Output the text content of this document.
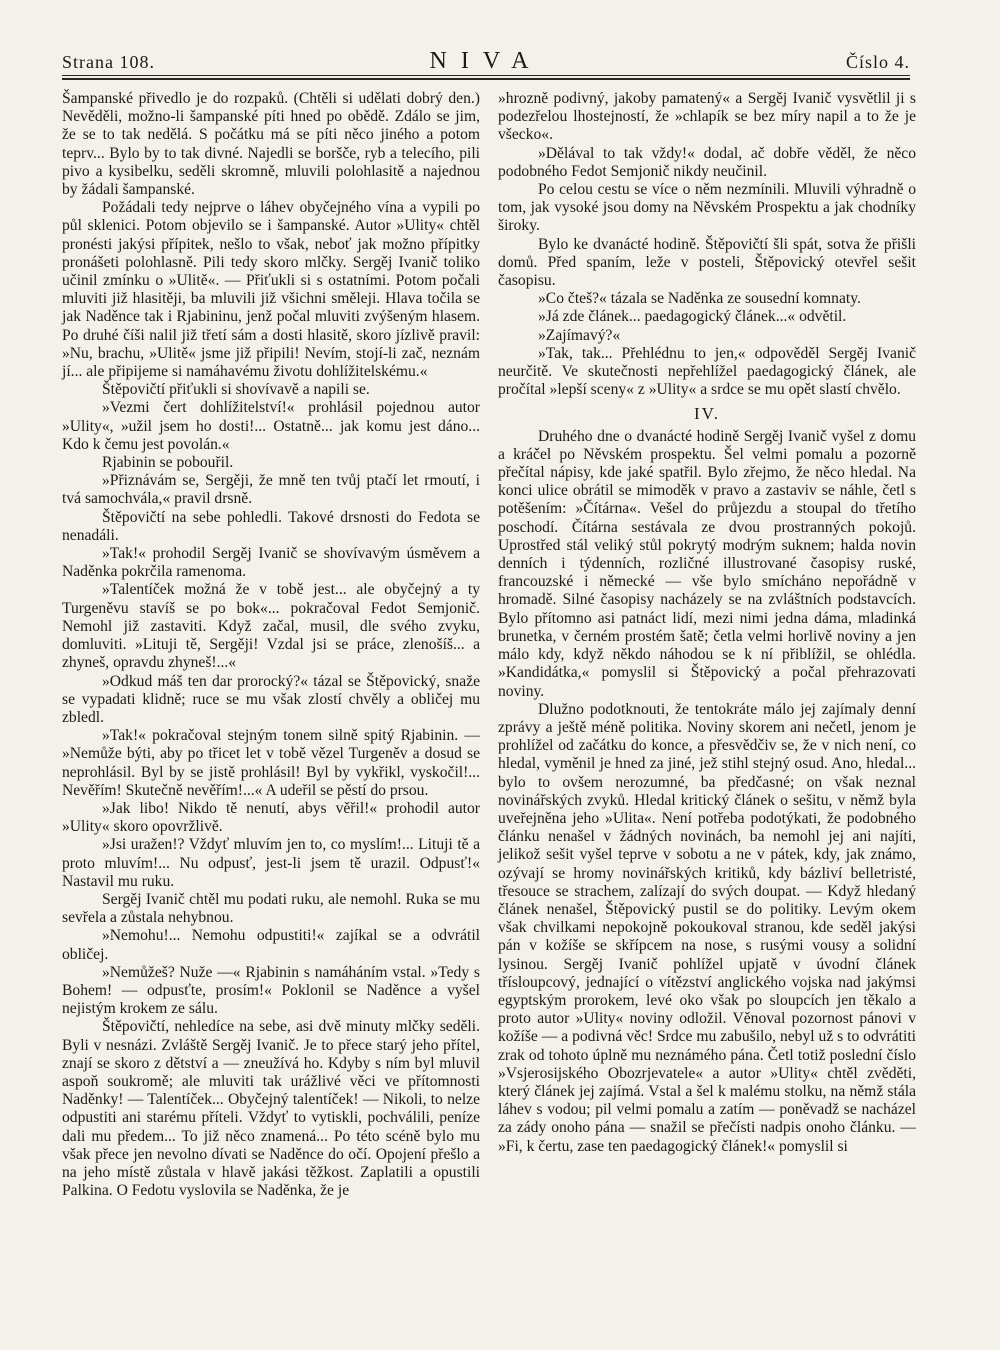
Strana 108.	NIVA	Číslo 4.

Šampanské přivedlo je do rozpaků. (Chtěli si udělati dobrý den.) Nevěděli, možno-li šampanské píti hned po obědě. Zdálo se jim, že se to tak nedělá. S počátku má se píti něco jiného a potom teprv... Bylo by to tak divné. Najedli se boršče, ryb a telecího, pili pivo a kysibelku, seděli skromně, mluvili polohlasitě a najednou by žádali šampanské.

Požádali tedy nejprve o láhev obyčejného vína a vypili po půl sklenici. Potom objevilo se i šampanské. Autor »Ulity« chtěl pronésti jakýsi přípitek, nešlo to však, neboť jak možno přípitky pronášeti polohlasně. Pili tedy skoro mlčky. Sergěj Ivanič toliko učinil zmínku o »Ulitě«. — Přiťukli si s ostatními. Potom počali mluviti již hlasitěji, ba mluvili již všichni směleji. Hlava točila se jak Naděnce tak i Rjabininu, jenž počal mluviti zvýšeným hlasem. Po druhé číši nalil již třetí sám a dosti hlasitě, skoro jízlivě pravil: »Nu, brachu, »Ulitě« jsme již připili! Nevím, stojí-li zač, neznám jí... ale připijeme si namáhavému životu dohlížitelskému.«

Štěpovičtí přiťukli si shovívavě a napili se.

»Vezmi čert dohlížitelství!« prohlásil pojednou autor »Ulity«, »užil jsem ho dosti!... Ostatně... jak komu jest dáno... Kdo k čemu jest povolán.«

Rjabinin se pobouřil.

»Přiznávám se, Sergěji, že mně ten tvůj ptačí let rmoutí, i tvá samochvála,« pravil drsně.

Štěpovičtí na sebe pohledli. Takové drsnosti do Fedota se nenadáli.

»Tak!« prohodil Sergěj Ivanič se shovívavým úsměvem a Naděnka pokrčila ramenoma.

»Talentíček možná že v tobě jest... ale obyčejný a ty Turgeněvu stavíš se po bok«... pokračoval Fedot Semjonič. Nemohl již zastaviti. Když začal, musil, dle svého zvyku, domluviti. »Lituji tě, Sergěji! Vzdal jsi se práce, zlenošíš... a zhyneš, opravdu zhyneš!...«

»Odkud máš ten dar prorocký?« tázal se Štěpovický, snaže se vypadati klidně; ruce se mu však zlostí chvěly a obličej mu zbledl.

»Tak!« pokračoval stejným tonem silně spitý Rjabinin. — »Nemůže býti, aby po třicet let v tobě vězel Turgeněv a dosud se neprohlásil. Byl by se jistě prohlásil! Byl by vykřikl, vyskočil!... Nevěřím! Skutečně nevěřím!...« A udeřil se pěstí do prsou.

»Jak libo! Nikdo tě nenutí, abys věřil!« prohodil autor »Ulity« skoro opovržlivě.

»Jsi uražen!? Vždyť mluvím jen to, co myslím!... Lituji tě a proto mluvím!... Nu odpusť, jest-li jsem tě urazil. Odpusť!« Nastavil mu ruku.

Sergěj Ivanič chtěl mu podati ruku, ale nemohl. Ruka se mu sevřela a zůstala nehybnou.

»Nemohu!... Nemohu odpustiti!« zajíkal se a odvrátil obličej.

»Nemůžeš? Nuže —« Rjabinin s namáháním vstal. »Tedy s Bohem! — odpusťte, prosím!« Poklonil se Naděnce a vyšel nejistým krokem ze sálu.

Štěpovičtí, nehledíce na sebe, asi dvě minuty mlčky seděli. Byli v nesnázi. Zvláště Sergěj Ivanič. Je to přece starý jeho přítel, znají se skoro z dětství a — zneužívá ho. Kdyby s ním byl mluvil aspoň soukromě; ale mluviti tak urážlivé věci ve přítomnosti Naděnky! — Talentíček... Obyčejný talentíček! — Nikoli, to nelze odpustiti ani starému příteli. Vždyť to vytiskli, pochválili, peníze dali mu předem... To již něco znamená... Po této scéně bylo mu však přece jen nevolno dívati se Naděnce do očí. Opojení přešlo a na jeho místě zůstala v hlavě jakási těžkost. Zaplatili a opustili Palkina. O Fedotu vyslovila se Naděnka, že je

»hrozně podivný, jakoby pamatený« a Sergěj Ivanič vysvětlil ji s podezřelou lhostejností, že »chlapík se bez míry napil a to že je všecko«.

»Dělával to tak vždy!« dodal, ač dobře věděl, že něco podobného Fedot Semjonič nikdy neučinil.

Po celou cestu se více o něm nezmínili. Mluvili výhradně o tom, jak vysoké jsou domy na Něvském Prospektu a jak chodníky široky.

Bylo ke dvanácté hodině. Štěpovičtí šli spát, sotva že přišli domů. Před spaním, leže v posteli, Štěpovický otevřel sešit časopisu.

»Co čteš?« tázala se Naděnka ze sousední komnaty.

»Já zde článek... paedagogický článek...« odvětil.

»Zajímavý?«

»Tak, tak... Přehlédnu to jen,« odpověděl Sergěj Ivanič neurčitě. Ve skutečnosti nepřehlížel paedagogický článek, ale pročítal »lepší sceny« z »Ulity« a srdce se mu opět slastí chvělo.

IV.

Druhého dne o dvanácté hodině Sergěj Ivanič vyšel z domu a kráčel po Něvském prospektu. Šel velmi pomalu a pozorně přečítal nápisy, kde jaké spatřil. Bylo zřejmo, že něco hledal. Na konci ulice obrátil se mimoděk v pravo a zastaviv se náhle, četl s potěšením: »Čítárna«. Vešel do průjezdu a stoupal do třetího poschodí. Čítárna sestávala ze dvou prostranných pokojů. Uprostřed stál veliký stůl pokrytý modrým suknem; halda novin denních i týdenních, rozličné illustrované časopisy ruské, francouzské i německé — vše bylo smícháno nepořádně v hromadě. Silné časopisy nacházely se na zvláštních podstavcích. Bylo přítomno asi patnáct lidí, mezi nimi jedna dáma, mladinká brunetka, v černém prostém šatě; četla velmi horlivě noviny a jen málo kdy, když někdo náhodou se k ní přiblížil, se ohlédla. »Kandidátka,« pomyslil si Štěpovický a počal přehrazovati noviny.

Dlužno podotknouti, že tentokráte málo jej zajímaly denní zprávy a ještě méně politika. Noviny skorem ani nečetl, jenom je prohlížel od začátku do konce, a přesvědčiv se, že v nich není, co hledal, vyměnil je hned za jiné, jež stihl stejný osud. Ano, hledal... bylo to ovšem nerozumné, ba předčasné; on však neznal novinářských zvyků. Hledal kritický článek o sešitu, v němž byla uveřejněna jeho »Ulita«. Není potřeba podotýkati, že podobného článku nenašel v žádných novinách, ba nemohl jej ani najíti, jelikož sešit vyšel teprve v sobotu a ne v pátek, kdy, jak známo, ozývají se hromy novinářských kritiků, kdy bázliví belletristé, třesouce se strachem, zalízají do svých doupat. — Když hledaný článek nenašel, Štěpovický pustil se do politiky. Levým okem však chvilkami nepokojně pokoukoval stranou, kde seděl jakýsi pán v kožíše se skřípcem na nose, s rusými vousy a solidní lysinou. Sergěj Ivanič pohlížel upjatě v úvodní článek třísloupcový, jednající o vítězství anglického vojska nad jakýmsi egyptským prorokem, levé oko však po sloupcích jen těkalo a proto autor »Ulity« noviny odložil. Věnoval pozornost pánovi v kožíše — a podivná věc! Srdce mu zabušilo, nebyl už s to odvrátiti zrak od tohoto úplně mu neznámého pána. Četl totiž poslední číslo »Vsjerosijského Obozrjevatele« a autor »Ulity« chtěl zvěděti, který článek jej zajímá. Vstal a šel k malému stolku, na němž stála láhev s vodou; pil velmi pomalu a zatím — poněvadž se nacházel za zády onoho pána — snažil se přečísti nadpis onoho článku. — »Fi, k čertu, zase ten paedagogický článek!« pomyslil si
